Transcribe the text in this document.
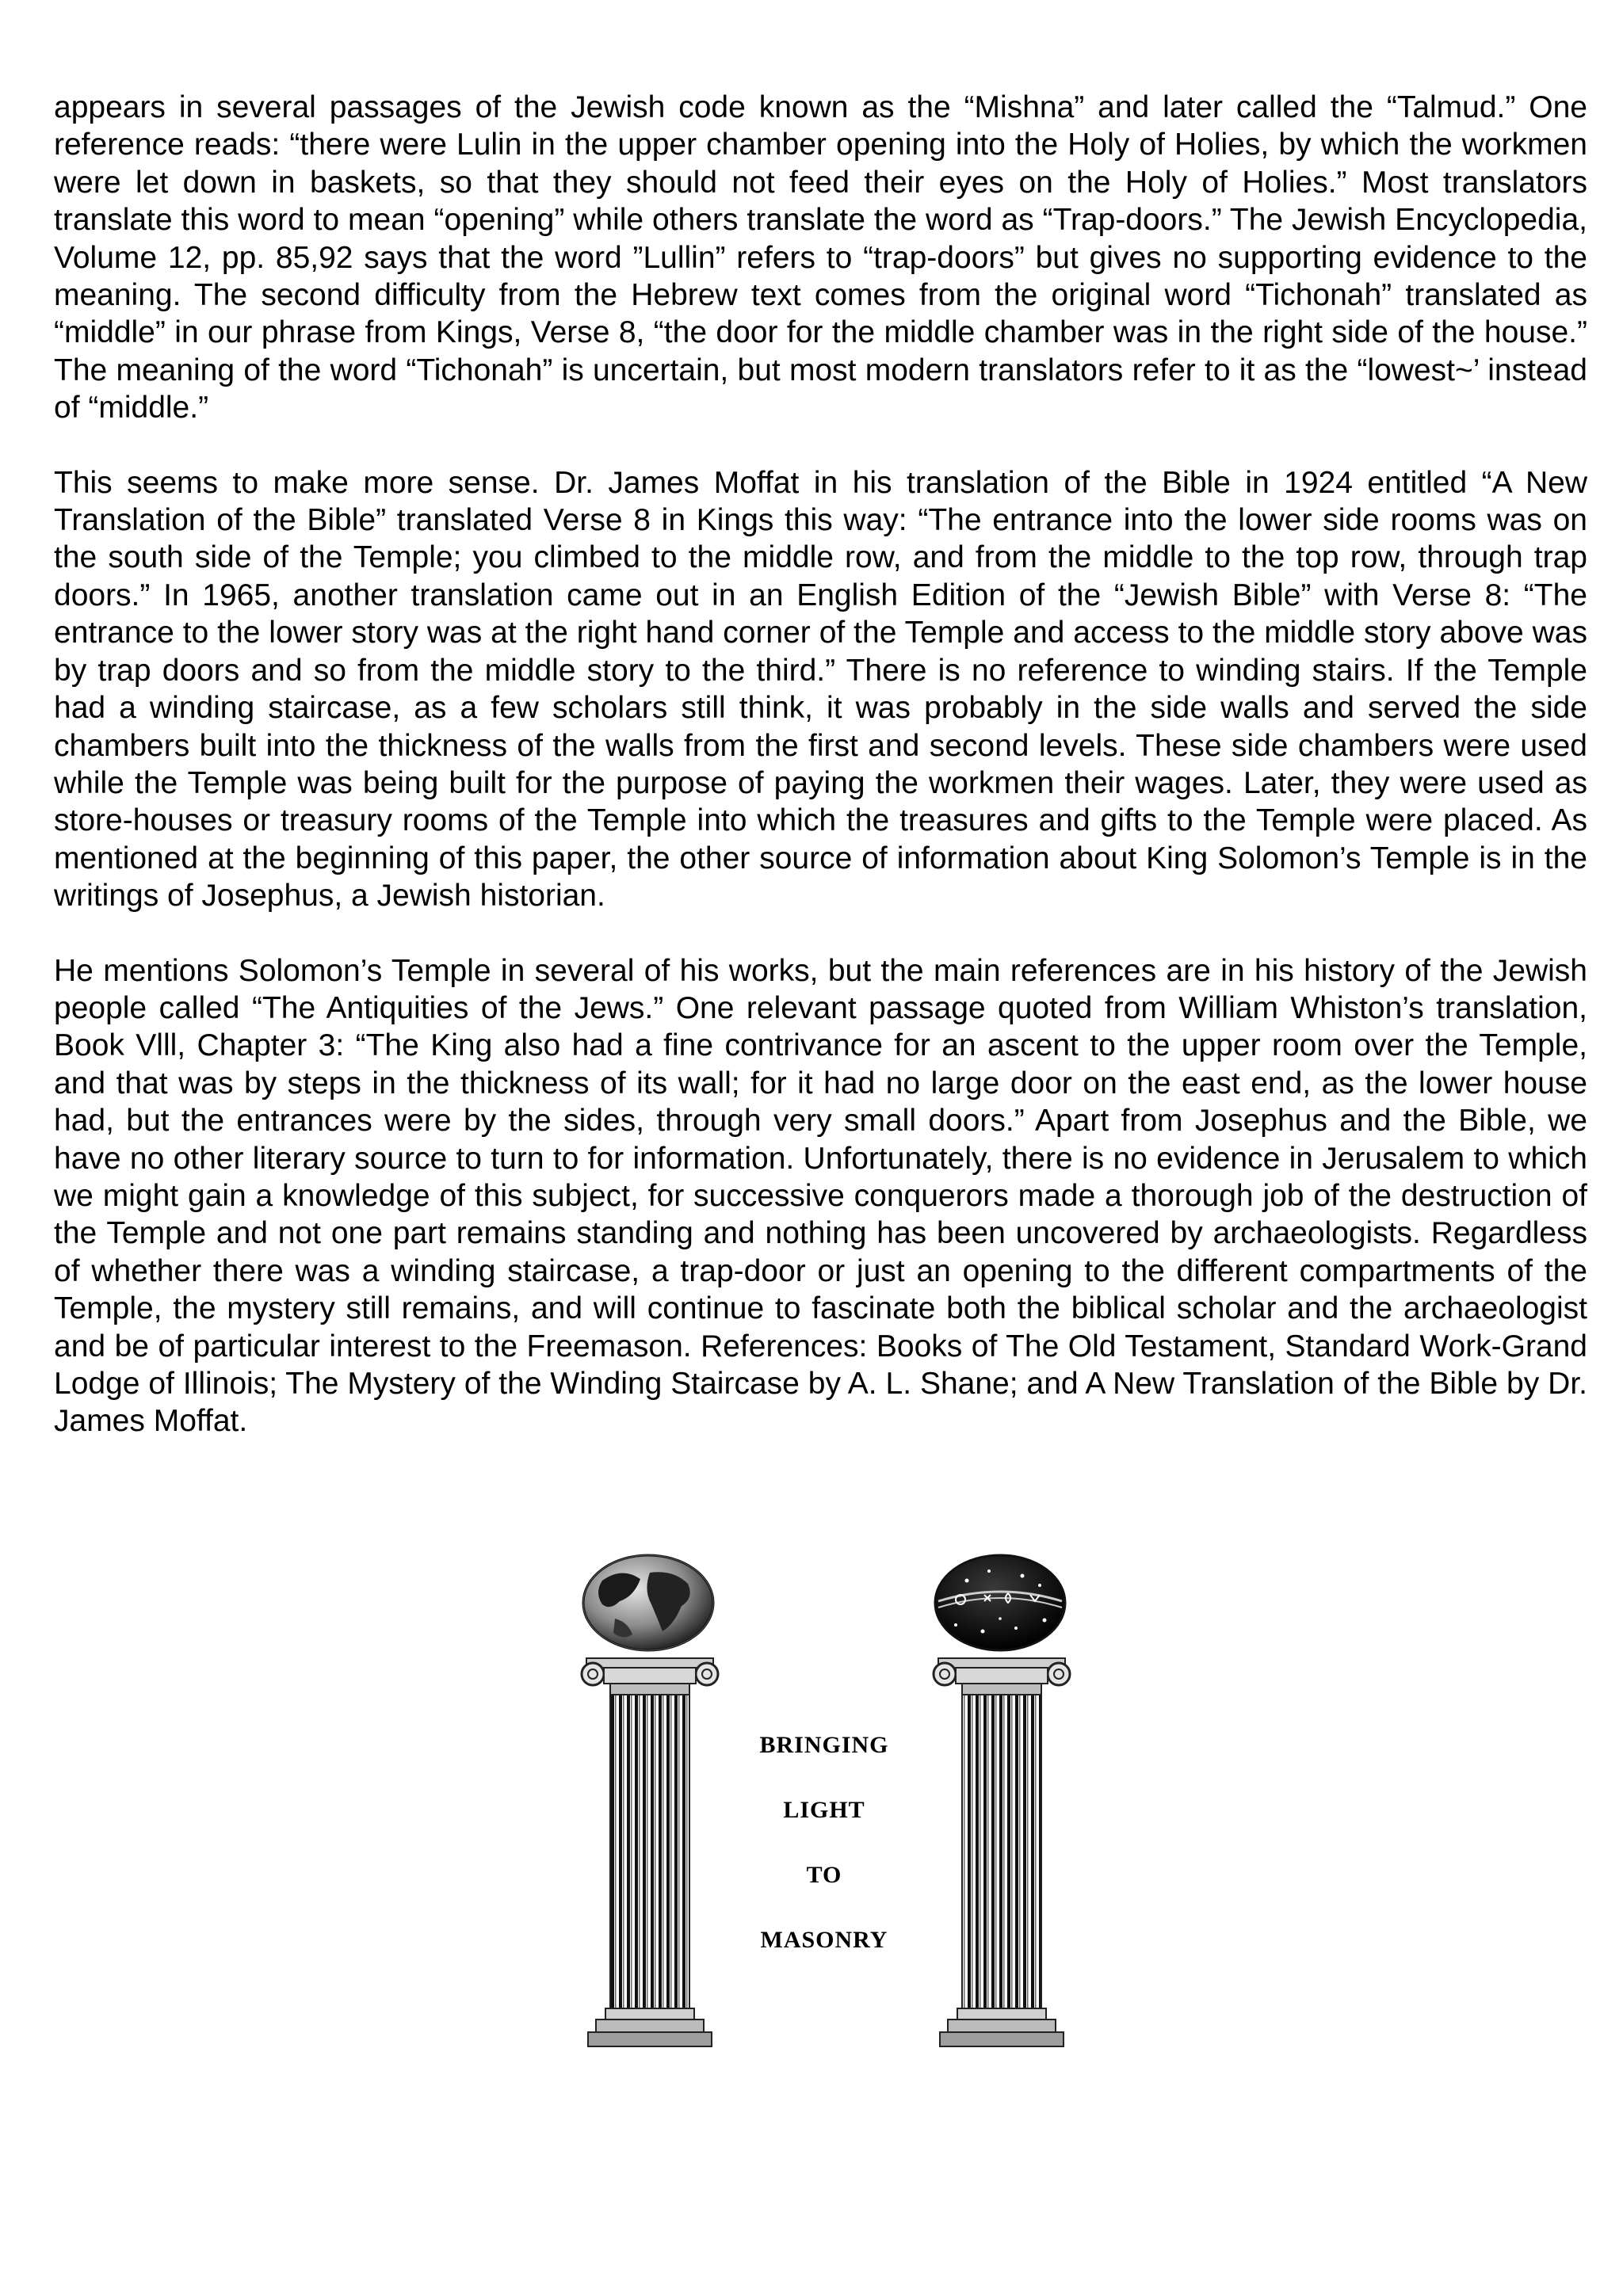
appears in several passages of the Jewish code known as the “Mishna” and later called the “Talmud.” One reference reads: “there were Lulin in the upper chamber opening into the Holy of Holies, by which the workmen were let down in baskets, so that they should not feed their eyes on the Holy of Holies.” Most translators translate this word to mean “opening” while others translate the word as “Trap-doors.” The Jewish Encyclopedia, Volume 12, pp. 85,92 says that the word ”Lullin” refers to “trap-doors” but gives no supporting evidence to the meaning. The second difficulty from the Hebrew text comes from the original word “Tichonah” translated as “middle” in our phrase from Kings, Verse 8, “the door for the middle chamber was in the right side of the house.” The meaning of the word “Tichonah” is uncertain, but most modern translators refer to it as the “lowest~’ instead of “middle.”

This seems to make more sense. Dr. James Moffat in his translation of the Bible in 1924 entitled “A New Translation of the Bible” translated Verse 8 in Kings this way: “The entrance into the lower side rooms was on the south side of the Temple; you climbed to the middle row, and from the middle to the top row, through trap doors.” In 1965, another translation came out in an English Edition of the “Jewish Bible” with Verse 8: “The entrance to the lower story was at the right hand corner of the Temple and access to the middle story above was by trap doors and so from the middle story to the third.” There is no reference to winding stairs. If the Temple had a winding staircase, as a few scholars still think, it was probably in the side walls and served the side chambers built into the thickness of the walls from the first and second levels. These side chambers were used while the Temple was being built for the purpose of paying the workmen their wages. Later, they were used as store-houses or treasury rooms of the Temple into which the treasures and gifts to the Temple were placed. As mentioned at the beginning of this paper, the other source of information about King Solomon’s Temple is in the writings of Josephus, a Jewish historian.

He mentions Solomon’s Temple in several of his works, but the main references are in his history of the Jewish people called “The Antiquities of the Jews.” One relevant passage quoted from William Whiston’s translation, Book Vlll, Chapter 3: “The King also had a fine contrivance for an ascent to the upper room over the Temple, and that was by steps in the thickness of its wall; for it had no large door on the east end, as the lower house had, but the entrances were by the sides, through very small doors.” Apart from Josephus and the Bible, we have no other literary source to turn to for information. Unfortunately, there is no evidence in Jerusalem to which we might gain a knowledge of this subject, for successive conquerors made a thorough job of the destruction of the Temple and not one part remains standing and nothing has been uncovered by archaeologists. Regardless of whether there was a winding staircase, a trap-door or just an opening to the different compartments of the Temple, the mystery still remains, and will continue to fascinate both the biblical scholar and the archaeologist and be of particular interest to the Freemason. References: Books of The Old Testament, Standard Work-Grand Lodge of Illinois; The Mystery of the Winding Staircase by A. L. Shane; and A New Translation of the Bible by Dr. James Moffat.

BRINGING
LIGHT
TO
MASONRY
